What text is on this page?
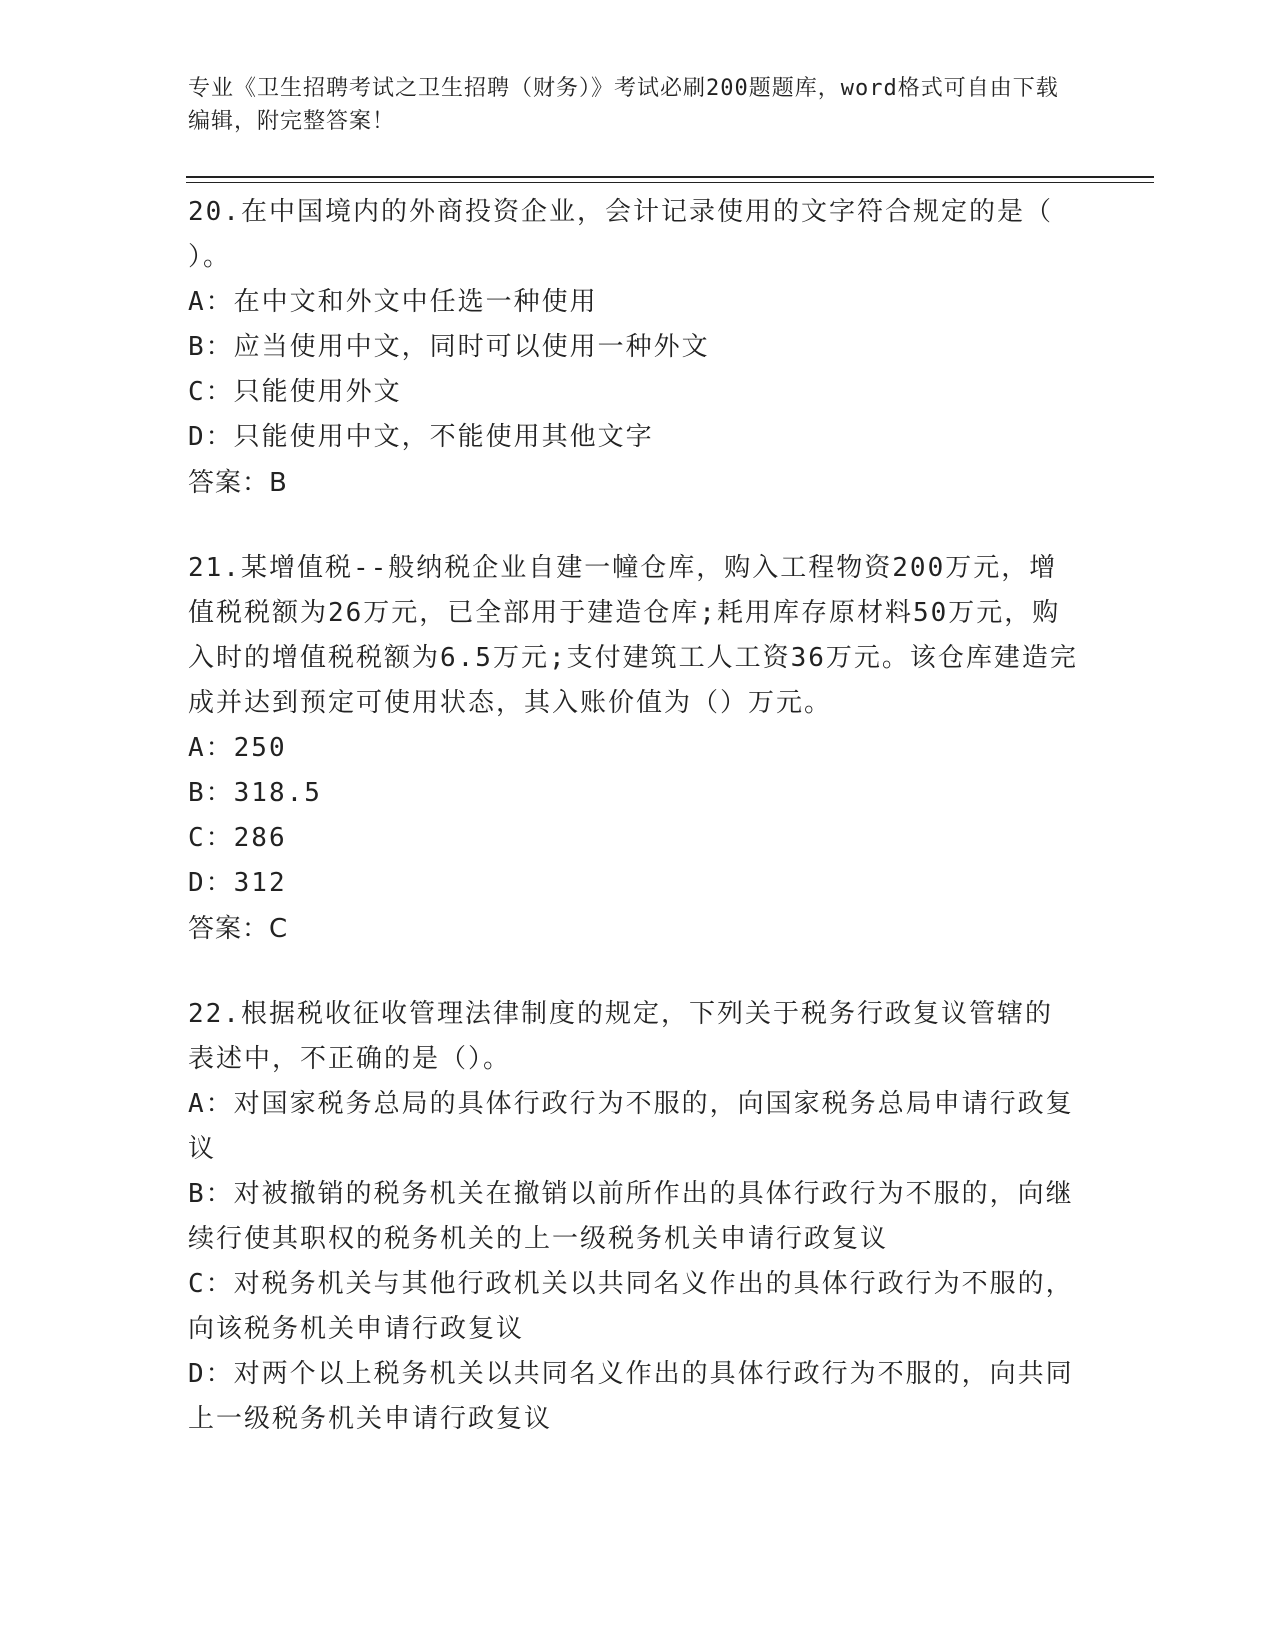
专业《卫生招聘考试之卫生招聘（财务）》考试必刷200题题库，word格式可自由下载编辑，附完整答案！

20.在中国境内的外商投资企业，会计记录使用的文字符合规定的是（ ）。

A：在中文和外文中任选一种使用

B：应当使用中文，同时可以使用一种外文

C：只能使用外文

D：只能使用中文，不能使用其他文字

答案：B

21.某增值税--般纳税企业自建一幢仓库，购入工程物资200万元，增值税税额为26万元，已全部用于建造仓库;耗用库存原材料50万元，购入时的增值税税额为6.5万元;支付建筑工人工资36万元。该仓库建造完成并达到预定可使用状态，其入账价值为（）万元。

A：250

B：318.5

C：286

D：312

答案：C

22.根据税收征收管理法律制度的规定，下列关于税务行政复议管辖的表述中，不正确的是（）。

A：对国家税务总局的具体行政行为不服的，向国家税务总局申请行政复议

B：对被撤销的税务机关在撤销以前所作出的具体行政行为不服的，向继续行使其职权的税务机关的上一级税务机关申请行政复议

C：对税务机关与其他行政机关以共同名义作出的具体行政行为不服的，向该税务机关申请行政复议

D：对两个以上税务机关以共同名义作出的具体行政行为不服的，向共同上一级税务机关申请行政复议
